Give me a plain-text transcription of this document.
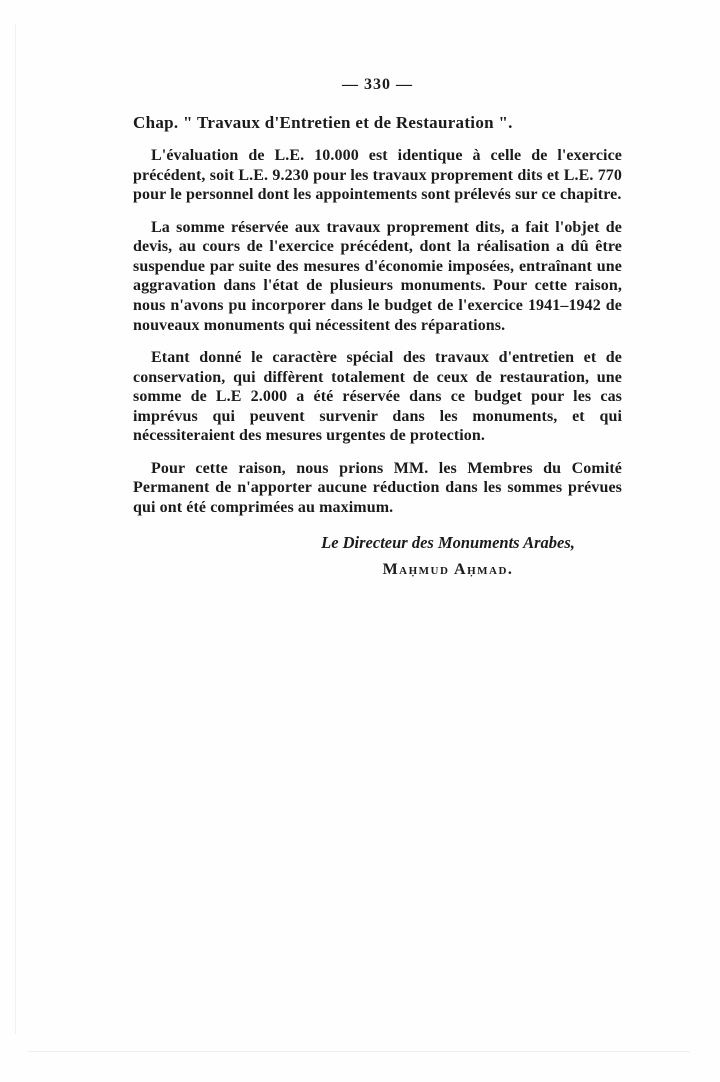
— 330 —
Chap. " Travaux d'Entretien et de Restauration ".

L'évaluation de L.E. 10.000 est identique à celle de l'exercice précédent, soit L.E. 9.230 pour les travaux proprement dits et L.E. 770 pour le personnel dont les appointements sont prélevés sur ce chapitre.

La somme réservée aux travaux proprement dits, a fait l'objet de devis, au cours de l'exercice précédent, dont la réalisation a dû être suspendue par suite des mesures d'économie imposées, entraînant une aggravation dans l'état de plusieurs monuments. Pour cette raison, nous n'avons pu incorporer dans le budget de l'exercice 1941–1942 de nouveaux monuments qui nécessitent des réparations.

Etant donné le caractère spécial des travaux d'entretien et de conservation, qui diffèrent totalement de ceux de restauration, une somme de L.E 2.000 a été réservée dans ce budget pour les cas imprévus qui peuvent survenir dans les monuments, et qui nécessiteraient des mesures urgentes de protection.

Pour cette raison, nous prions MM. les Membres du Comité Permanent de n'apporter aucune réduction dans les sommes prévues qui ont été comprimées au maximum.

Le Directeur des Monuments Arabes,
Maḥmud Aḥmad.
